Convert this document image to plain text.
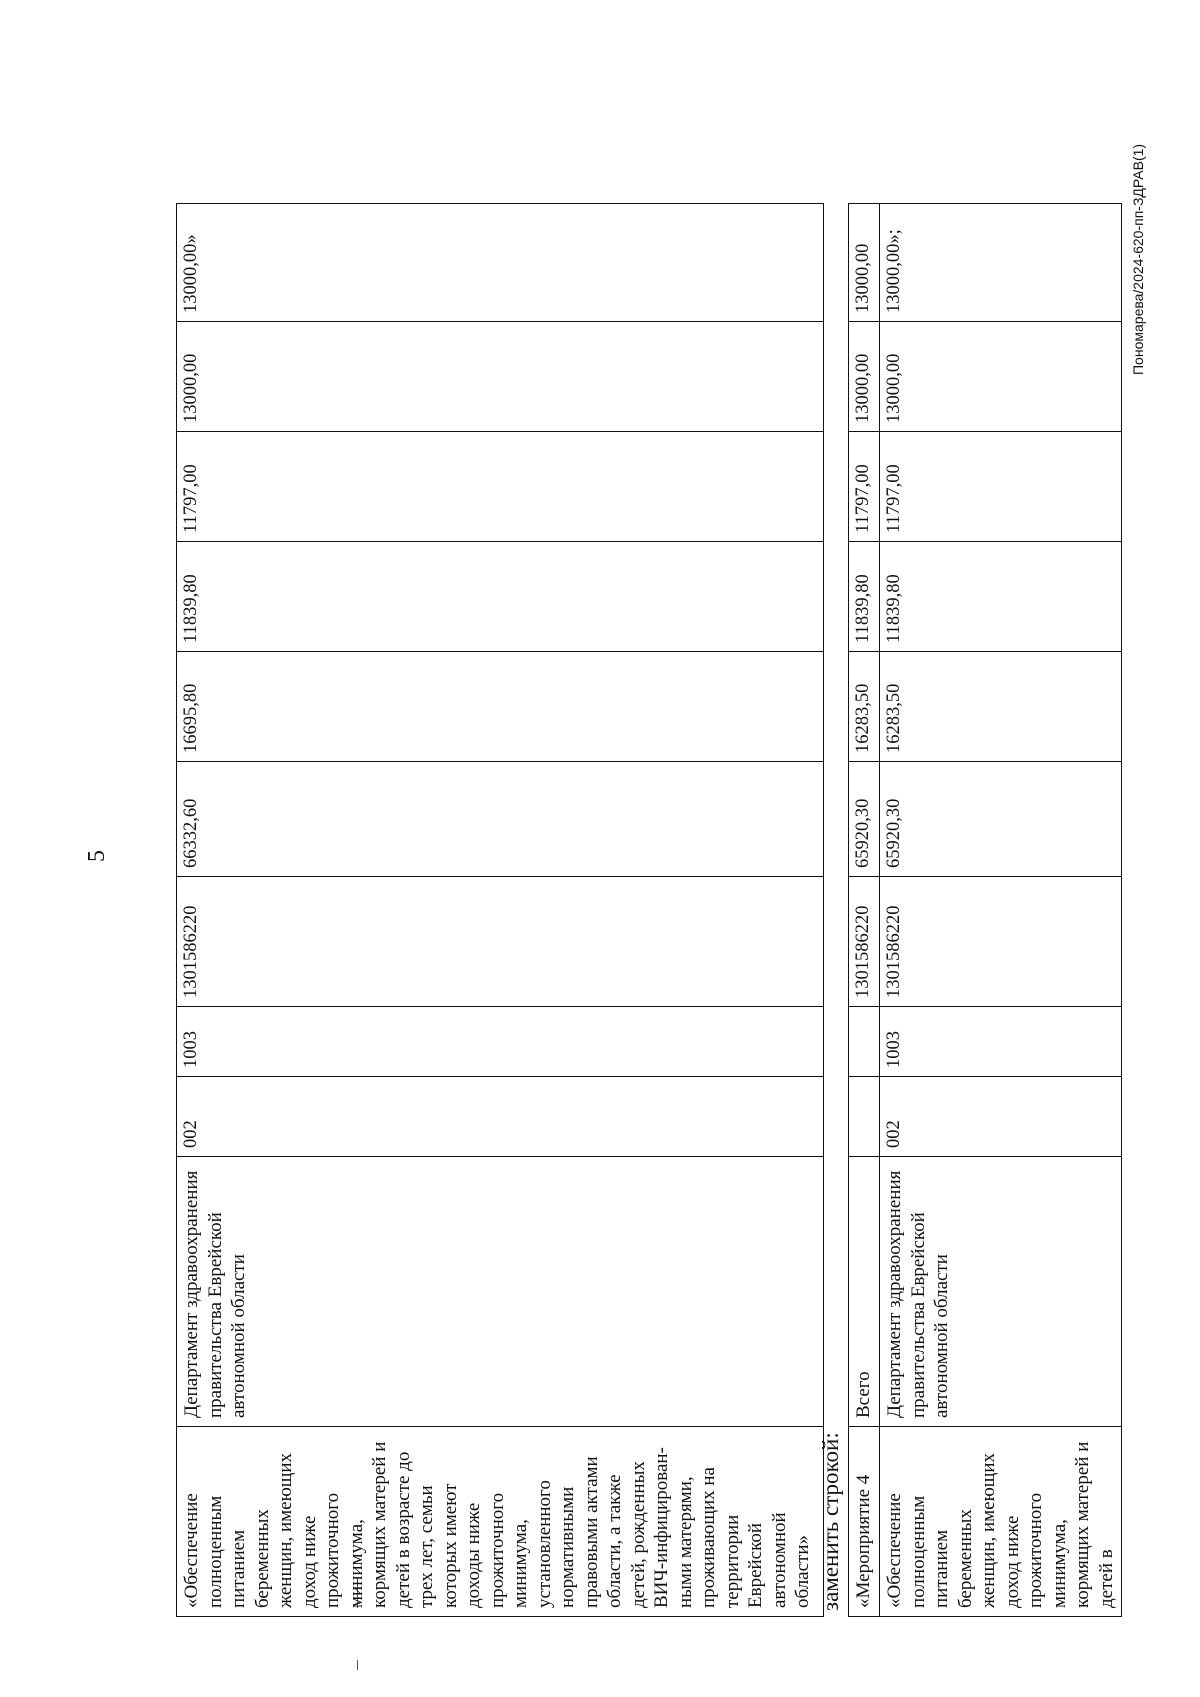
5
«Обеспечение полноценным питанием беременных женщин, имеющих доход ниже прожиточного минимума, кормящих матерей и детей в возрасте до трех лет, семьи которых имеют доходы ниже прожиточного минимума, установленного нормативными правовыми актами области, а также детей, рожденных ВИЧ-инфицирован-ными матерями, проживающих на территории Еврейской автономной области»	Департамент здравоохранения правительства Еврейской автономной области	002	1003	1301586220	66332,60	16695,80	11839,80	11797,00	13000,00	13000,00»
заменить строкой: «Мероприятие 4	Всего			1301586220	65920,30	16283,50	11839,80	11797,00	13000,00	13000,00
«Обеспечение полноценным питанием беременных женщин, имеющих доход ниже прожиточного минимума, кормящих матерей и детей в	Департамент здравоохранения правительства Еврейской автономной области	002	1003	1301586220	65920,30	16283,50	11839,80	11797,00	13000,00	13000,00»;	Пономарева/2024-620-пп-ЗДРАВ(1)
